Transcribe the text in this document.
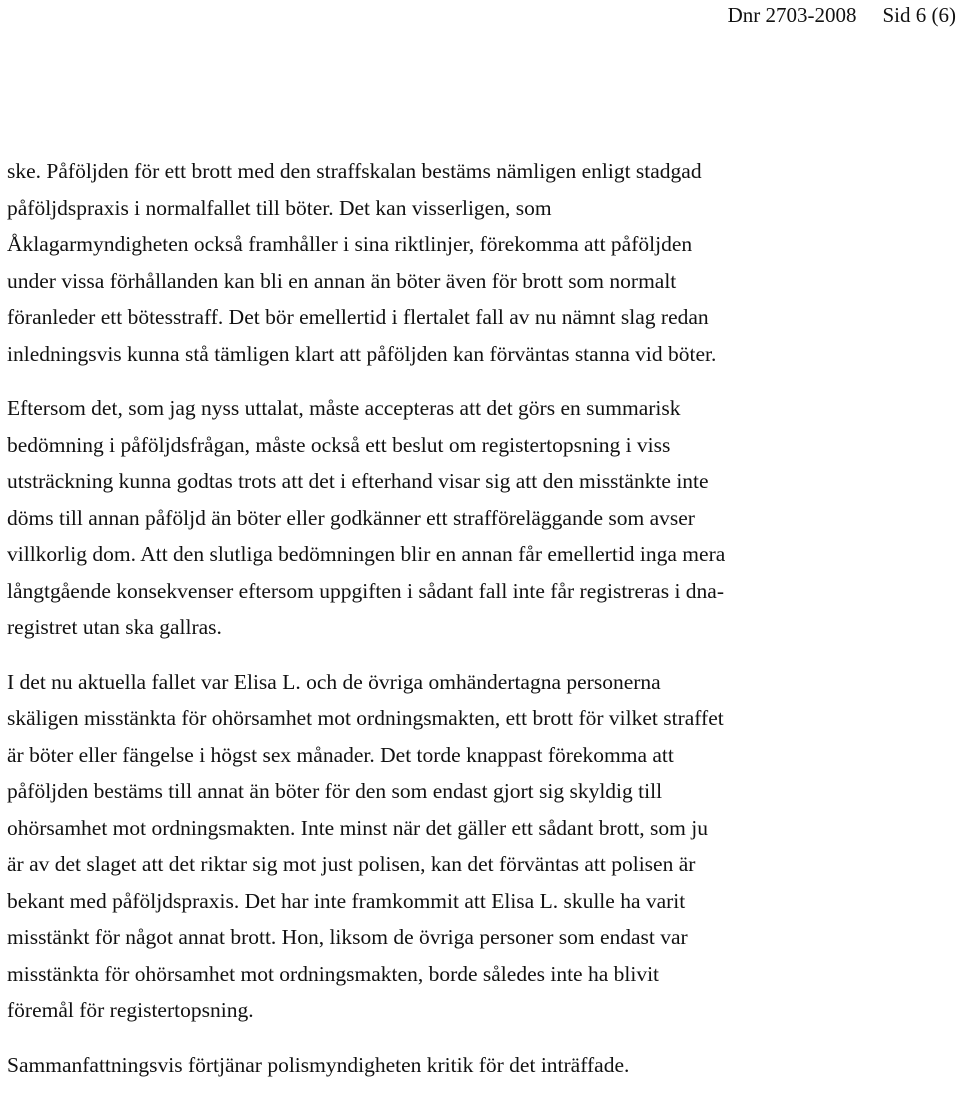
Dnr 2703-2008 Sid 6 (6)

ske. Påföljden för ett brott med den straffskalan bestäms nämligen enligt stadgad
påföljdspraxis i normalfallet till böter. Det kan visserligen, som
Åklagarmyndigheten också framhåller i sina riktlinjer, förekomma att påföljden
under vissa förhållanden kan bli en annan än böter även för brott som normalt
föranleder ett bötesstraff. Det bör emellertid i flertalet fall av nu nämnt slag redan
inledningsvis kunna stå tämligen klart att påföljden kan förväntas stanna vid böter.

Eftersom det, som jag nyss uttalat, måste accepteras att det görs en summarisk
bedömning i påföljdsfrågan, måste också ett beslut om registertopsning i viss
utsträckning kunna godtas trots att det i efterhand visar sig att den misstänkte inte
döms till annan påföljd än böter eller godkänner ett strafföreläggande som avser
villkorlig dom. Att den slutliga bedömningen blir en annan får emellertid inga mera
långtgående konsekvenser eftersom uppgiften i sådant fall inte får registreras i dna-
registret utan ska gallras.

I det nu aktuella fallet var Elisa L. och de övriga omhändertagna personerna
skäligen misstänkta för ohörsamhet mot ordningsmakten, ett brott för vilket straffet
är böter eller fängelse i högst sex månader. Det torde knappast förekomma att
påföljden bestäms till annat än böter för den som endast gjort sig skyldig till
ohörsamhet mot ordningsmakten. Inte minst när det gäller ett sådant brott, som ju
är av det slaget att det riktar sig mot just polisen, kan det förväntas att polisen är
bekant med påföljdspraxis. Det har inte framkommit att Elisa L. skulle ha varit
misstänkt för något annat brott. Hon, liksom de övriga personer som endast var
misstänkta för ohörsamhet mot ordningsmakten, borde således inte ha blivit
föremål för registertopsning.

Sammanfattningsvis förtjänar polismyndigheten kritik för det inträffade.
